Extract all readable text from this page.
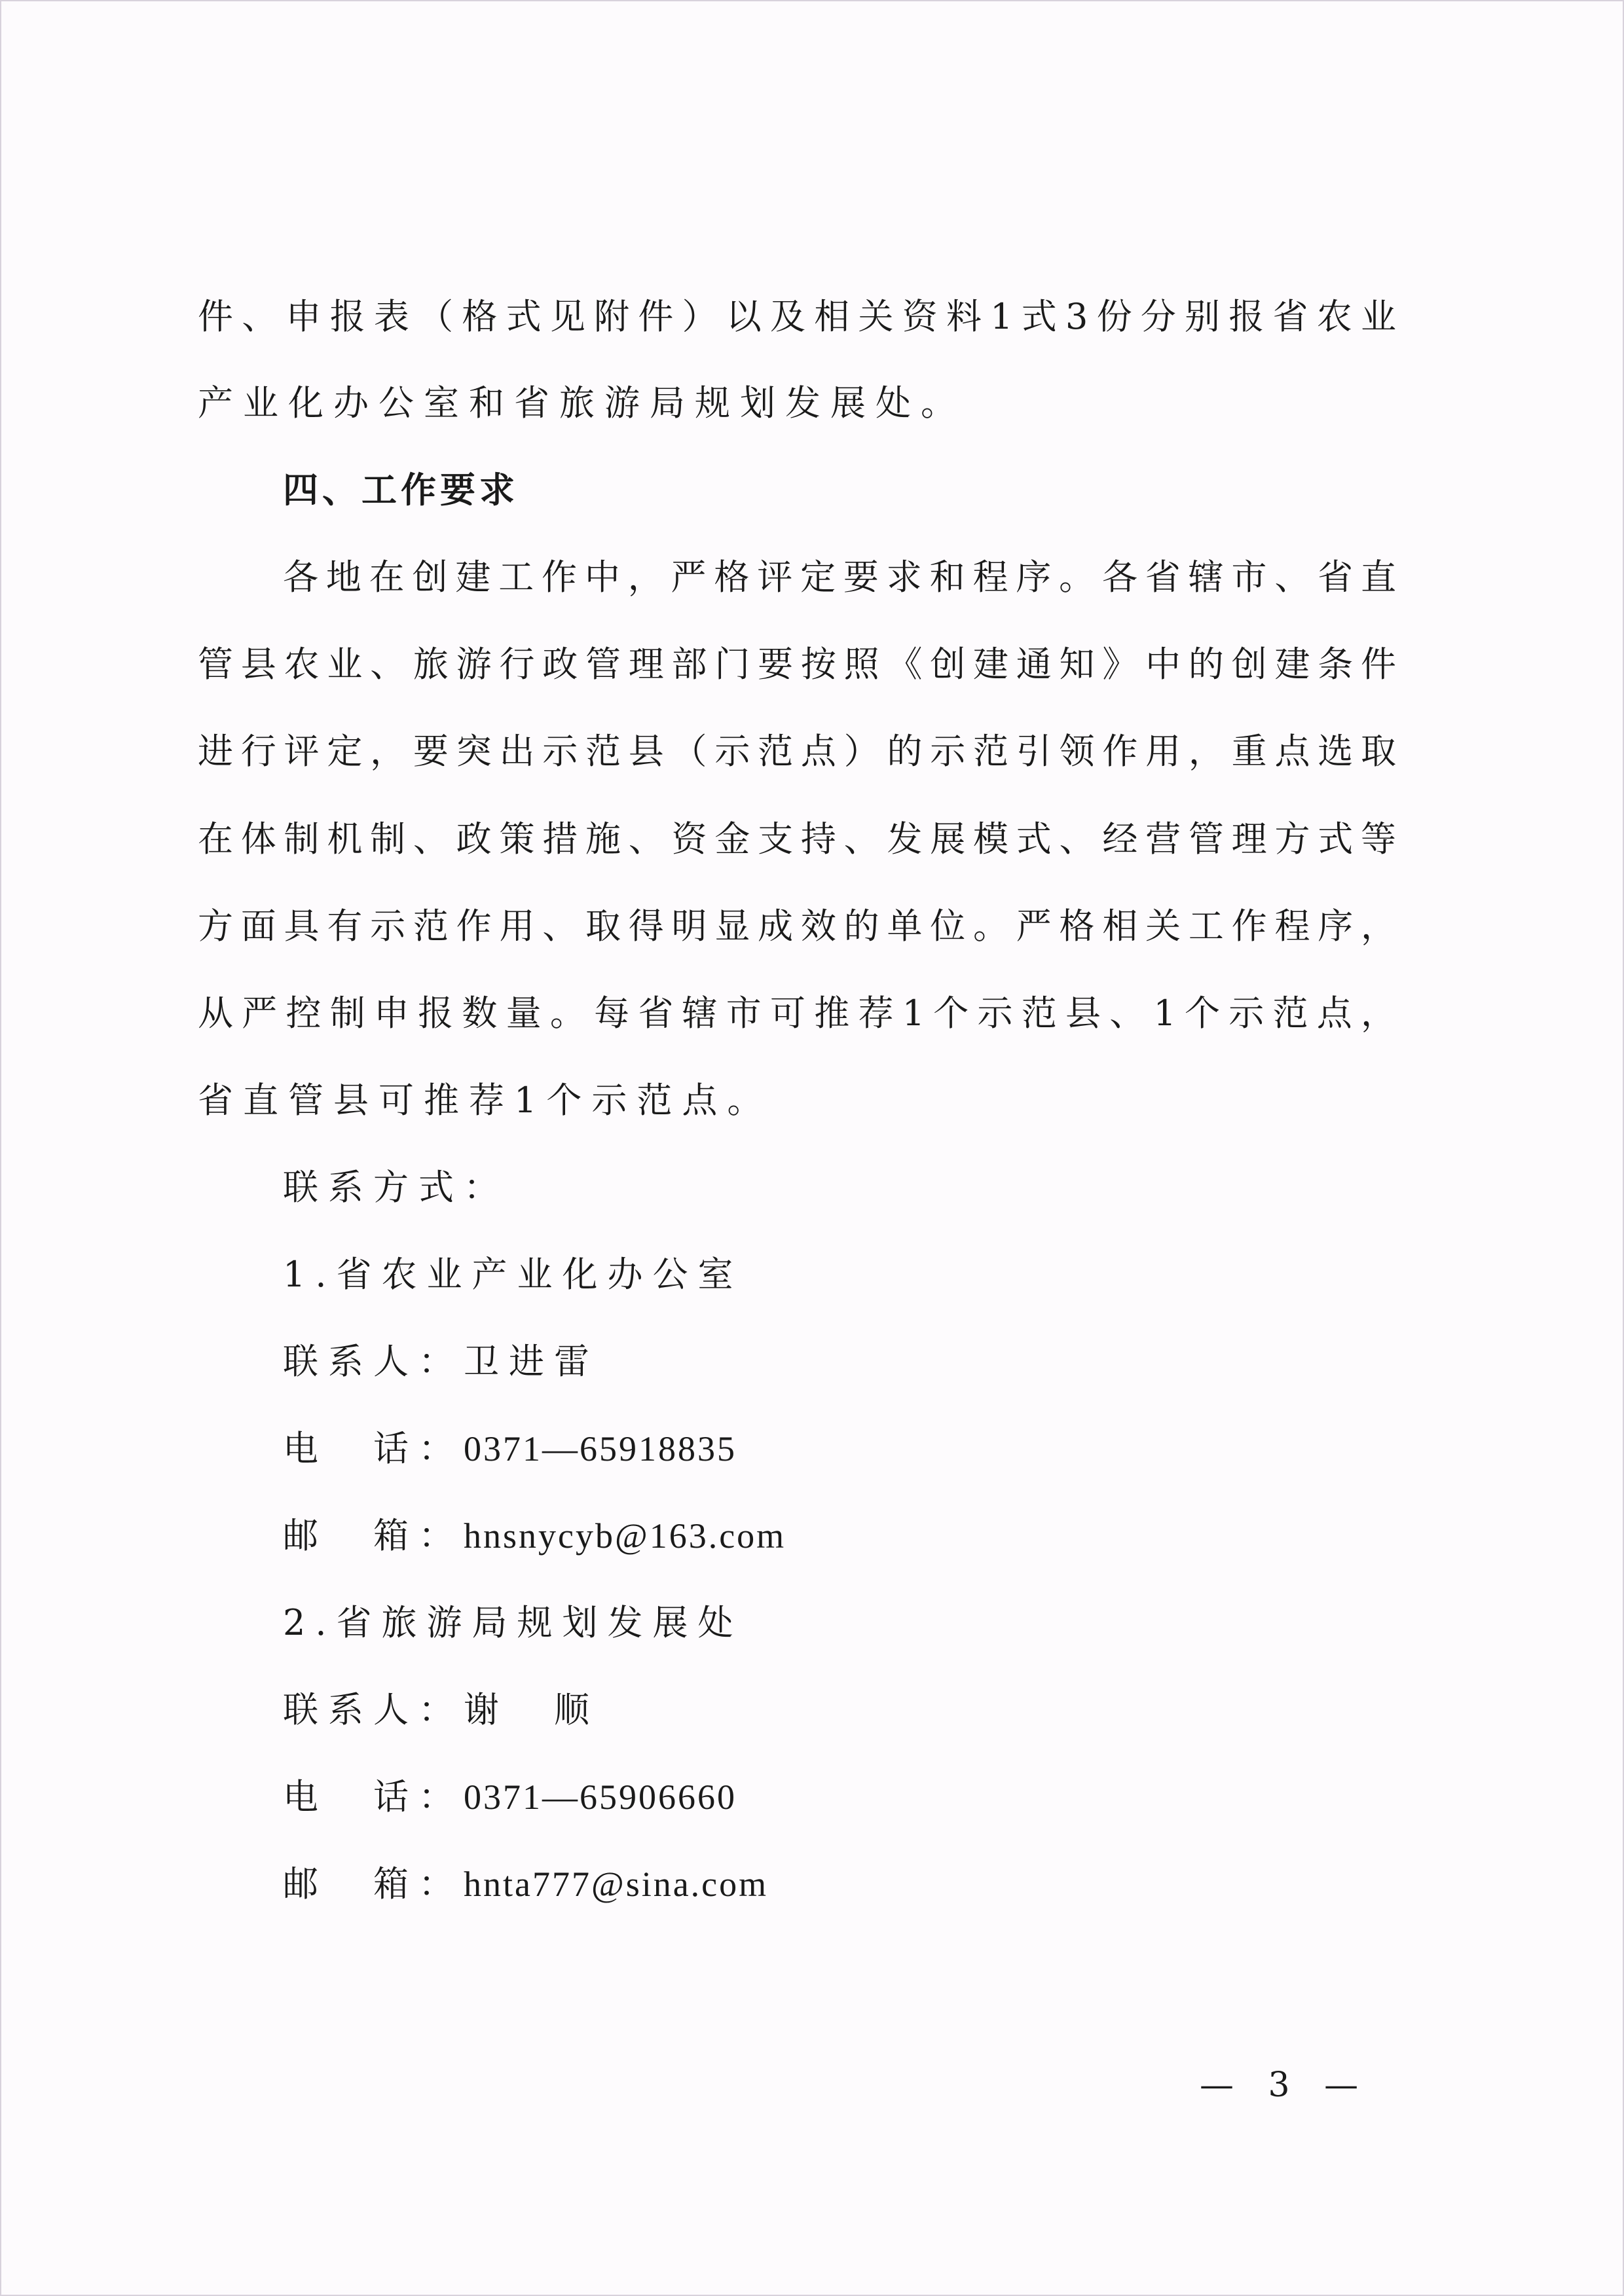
件、申报表（格式见附件）以及相关资料1式3份分别报省农业
产业化办公室和省旅游局规划发展处。
四、工作要求
各地在创建工作中，严格评定要求和程序。各省辖市、省直
管县农业、旅游行政管理部门要按照《创建通知》中的创建条件
进行评定，要突出示范县（示范点）的示范引领作用，重点选取
在体制机制、政策措施、资金支持、发展模式、经营管理方式等
方面具有示范作用、取得明显成效的单位。严格相关工作程序，
从严控制申报数量。每省辖市可推荐1个示范县、1个示范点，
省直管县可推荐1个示范点。
联系方式：
1.省农业产业化办公室
联系人：卫进雷
电　话：0371—65918835
邮　箱：hnsnycyb@163.com
2.省旅游局规划发展处
联系人：谢　顺
电　话：0371—65906660
邮　箱：hnta777@sina.com
— 3 —
